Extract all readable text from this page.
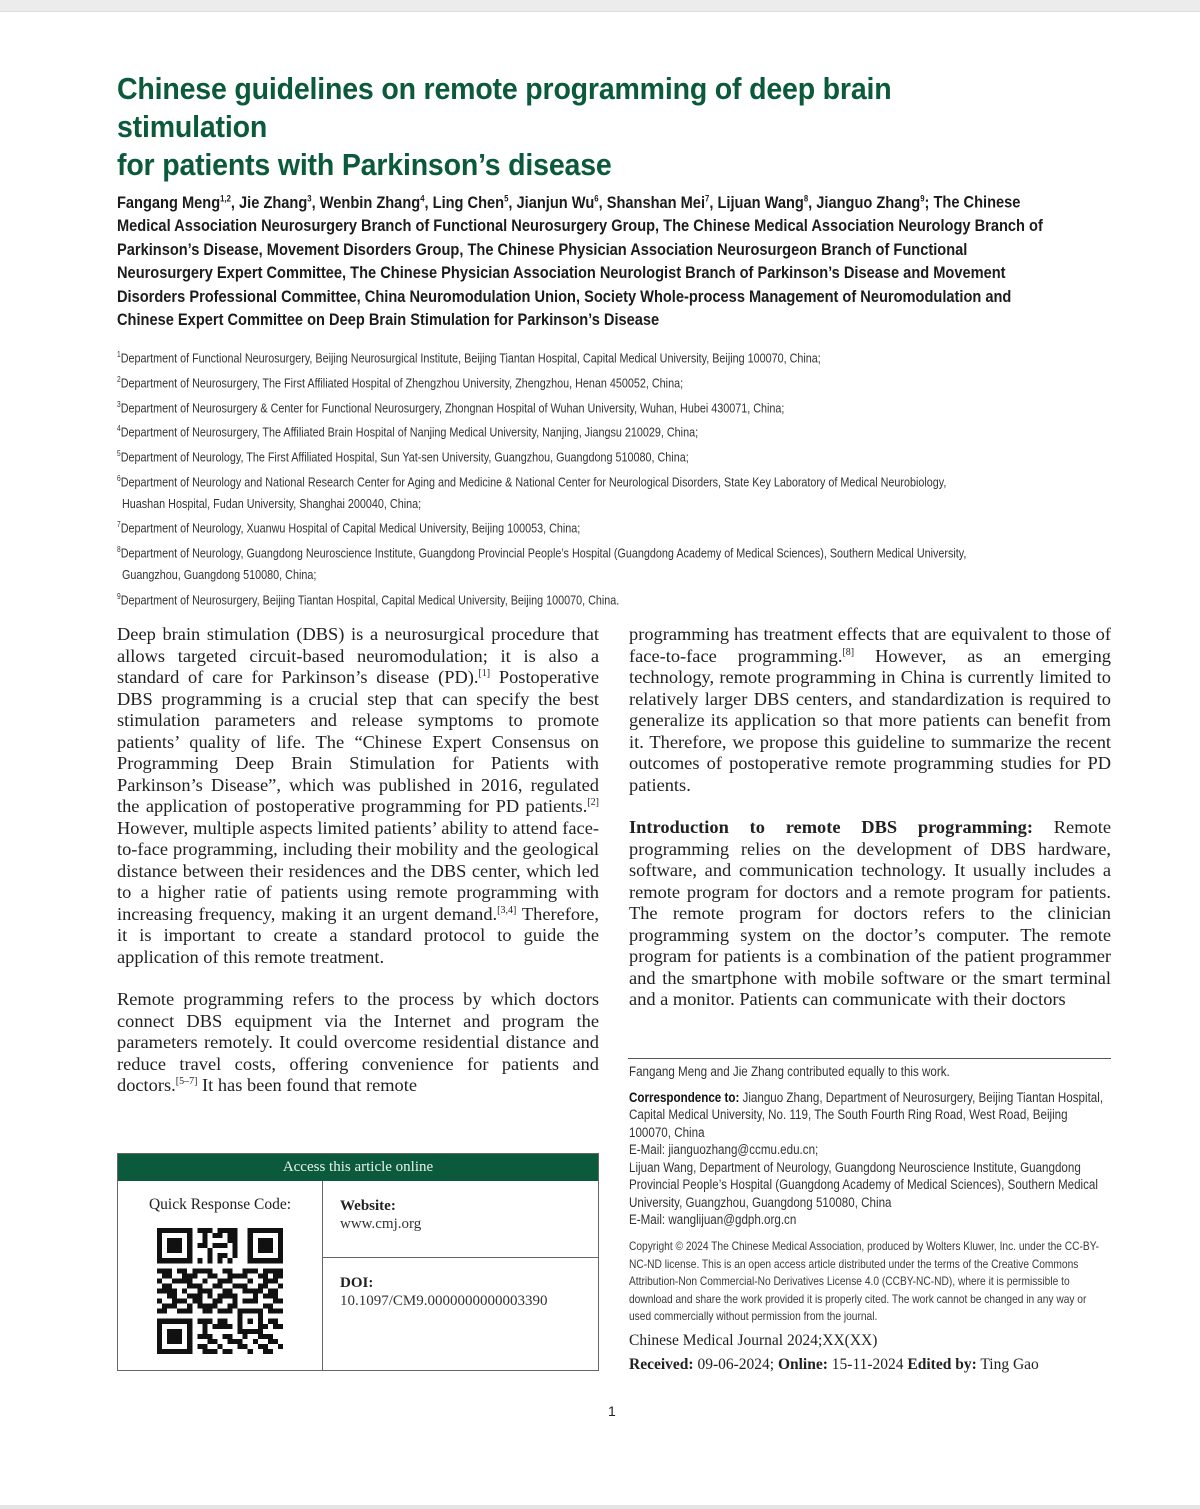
Chinese guidelines on remote programming of deep brain stimulation
for patients with Parkinson’s disease

Fangang Meng$^{1,2}$, Jie Zhang$^3$, Wenbin Zhang$^4$, Ling Chen$^5$, Jianjun Wu$^6$, Shanshan Mei$^7$, Lijuan Wang$^8$, Jianguo Zhang$^9$; The Chinese Medical Association Neurosurgery Branch of Functional Neurosurgery Group, The Chinese Medical Association Neurology Branch of Parkinson’s Disease, Movement Disorders Group, The Chinese Physician Association Neurosurgeon Branch of Functional Neurosurgery Expert Committee, The Chinese Physician Association Neurologist Branch of Parkinson’s Disease and Movement Disorders Professional Committee, China Neuromodulation Union, Society Whole-process Management of Neuromodulation and Chinese Expert Committee on Deep Brain Stimulation for Parkinson’s Disease

$^1$Department of Functional Neurosurgery, Beijing Neurosurgical Institute, Beijing Tiantan Hospital, Capital Medical University, Beijing 100070, China;
$^2$Department of Neurosurgery, The First Affiliated Hospital of Zhengzhou University, Zhengzhou, Henan 450052, China;
$^3$Department of Neurosurgery & Center for Functional Neurosurgery, Zhongnan Hospital of Wuhan University, Wuhan, Hubei 430071, China;
$^4$Department of Neurosurgery, The Affiliated Brain Hospital of Nanjing Medical University, Nanjing, Jiangsu 210029, China;
$^5$Department of Neurology, The First Affiliated Hospital, Sun Yat-sen University, Guangzhou, Guangdong 510080, China;
$^6$Department of Neurology and National Research Center for Aging and Medicine & National Center for Neurological Disorders, State Key Laboratory of Medical Neurobiology,
Huashan Hospital, Fudan University, Shanghai 200040, China;
$^7$Department of Neurology, Xuanwu Hospital of Capital Medical University, Beijing 100053, China;
$^8$Department of Neurology, Guangdong Neuroscience Institute, Guangdong Provincial People’s Hospital (Guangdong Academy of Medical Sciences), Southern Medical University,
Guangzhou, Guangdong 510080, China;
$^9$Department of Neurosurgery, Beijing Tiantan Hospital, Capital Medical University, Beijing 100070, China.

Deep brain stimulation (DBS) is a neurosurgical procedure that allows targeted circuit-based neuromodulation; it is also a standard of care for Parkinson’s disease (PD).[1] Postoperative DBS programming is a crucial step that can specify the best stimulation parameters and release symptoms to promote patients’ quality of life. The “Chinese Expert Consensus on Programming Deep Brain Stimulation for Patients with Parkinson’s Disease”, which was published in 2016, regulated the application of postoperative programming for PD patients.[2] However, multiple aspects limited patients’ ability to attend face-to-face programming, including their mobility and the geological distance between their residences and the DBS center, which led to a higher ratie of patients using remote programming with increasing frequency, making it an urgent demand.[3,4] Therefore, it is important to create a standard protocol to guide the application of this remote treatment.

Remote programming refers to the process by which doctors connect DBS equipment via the Internet and program the parameters remotely. It could overcome residential distance and reduce travel costs, offering convenience for patients and doctors.[5–7] It has been found that remote

programming has treatment effects that are equivalent to those of face-to-face programming.[8] However, as an emerging technology, remote programming in China is currently limited to relatively larger DBS centers, and standardization is required to generalize its application so that more patients can benefit from it. Therefore, we propose this guideline to summarize the recent outcomes of postoperative remote programming studies for PD patients.

Introduction to remote DBS programming: Remote programming relies on the development of DBS hardware, software, and communication technology. It usually includes a remote program for doctors and a remote program for patients. The remote program for doctors refers to the clinician programming system on the doctor’s computer. The remote program for patients is a combination of the patient programmer and the smartphone with mobile software or the smart terminal and a monitor. Patients can communicate with their doctors

Access this article online
Quick Response Code:	Website:
www.cmj.org
DOI:
10.1097/CM9.0000000000003390
Fangang Meng and Jie Zhang contributed equally to this work.
Correspondence to: Jianguo Zhang, Department of Neurosurgery, Beijing Tiantan Hospital, Capital Medical University, No. 119, The South Fourth Ring Road, West Road, Beijing 100070, China
E-Mail: jianguozhang@ccmu.edu.cn;
Lijuan Wang, Department of Neurology, Guangdong Neuroscience Institute, Guangdong Provincial People’s Hospital (Guangdong Academy of Medical Sciences), Southern Medical University, Guangzhou, Guangdong 510080, China
E-Mail: wanglijuan@gdph.org.cn
Copyright © 2024 The Chinese Medical Association, produced by Wolters Kluwer, Inc. under the CC-BY-NC-ND license. This is an open access article distributed under the terms of the Creative Commons Attribution-Non Commercial-No Derivatives License 4.0 (CCBY-NC-ND), where it is permissible to download and share the work provided it is properly cited. The work cannot be changed in any way or used commercially without permission from the journal.
Chinese Medical Journal 2024;XX(XX)
Received: 09-06-2024; Online: 15-11-2024 Edited by: Ting Gao
1
